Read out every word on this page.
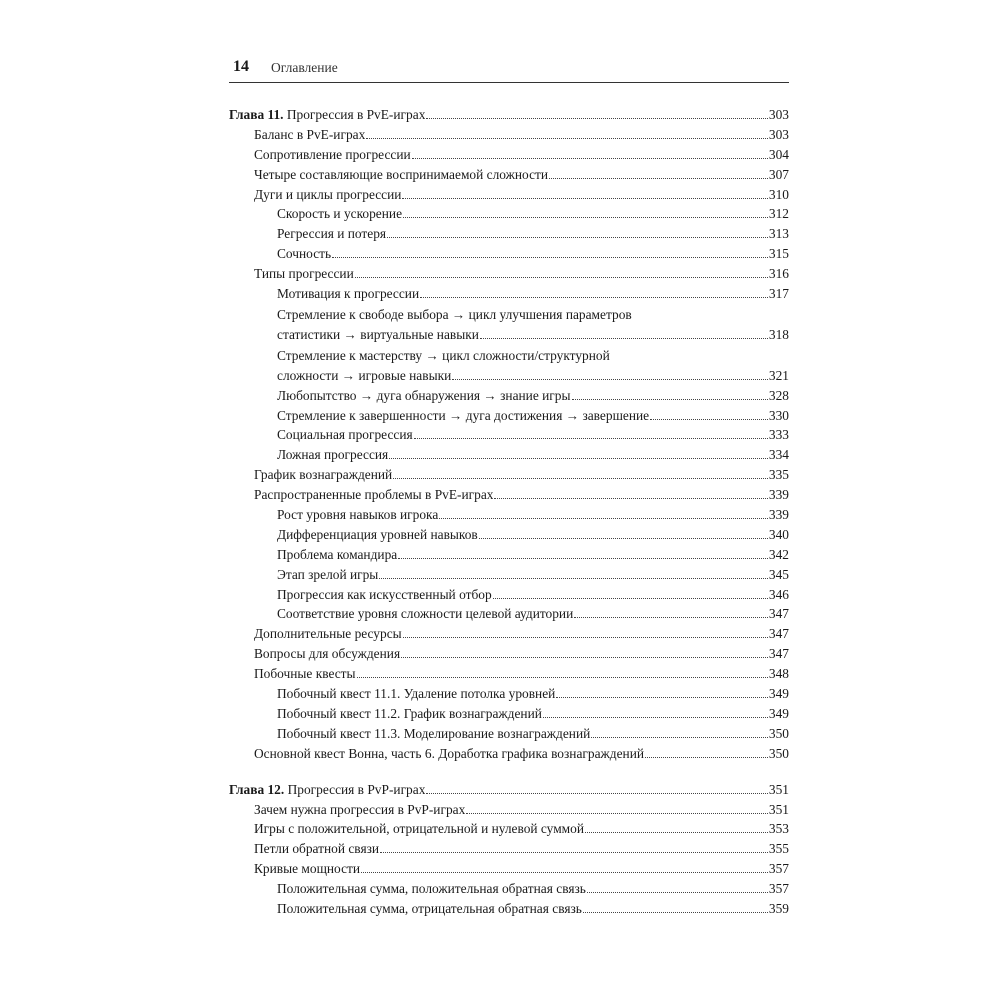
14 Оглавление
Глава 11. Прогрессия в PvE-играх	303
Баланс в PvE-играх	303
Сопротивление прогрессии	304
Четыре составляющие воспринимаемой сложности	307
Дуги и циклы прогрессии	310
Скорость и ускорение	312
Регрессия и потеря	313
Сочность	315
Типы прогрессии	316
Мотивация к прогрессии	317
Стремление к свободе выбора → цикл улучшения параметров
статистики → виртуальные навыки	318
Стремление к мастерству → цикл сложности/структурной
сложности → игровые навыки	321
Любопытство → дуга обнаружения → знание игры	328
Стремление к завершенности → дуга достижения → завершение	330
Социальная прогрессия	333
Ложная прогрессия	334
График вознаграждений	335
Распространенные проблемы в PvE-играх	339
Рост уровня навыков игрока	339
Дифференциация уровней навыков	340
Проблема командира	342
Этап зрелой игры	345
Прогрессия как искусственный отбор	346
Соответствие уровня сложности целевой аудитории	347
Дополнительные ресурсы	347
Вопросы для обсуждения	347
Побочные квесты	348
Побочный квест 11.1. Удаление потолка уровней	349
Побочный квест 11.2. График вознаграждений	349
Побочный квест 11.3. Моделирование вознаграждений	350
Основной квест Вонна, часть 6. Доработка графика вознаграждений	350
Глава 12. Прогрессия в PvP-играх	351
Зачем нужна прогрессия в PvP-играх	351
Игры с положительной, отрицательной и нулевой суммой	353
Петли обратной связи	355
Кривые мощности	357
Положительная сумма, положительная обратная связь	357
Положительная сумма, отрицательная обратная связь	359
